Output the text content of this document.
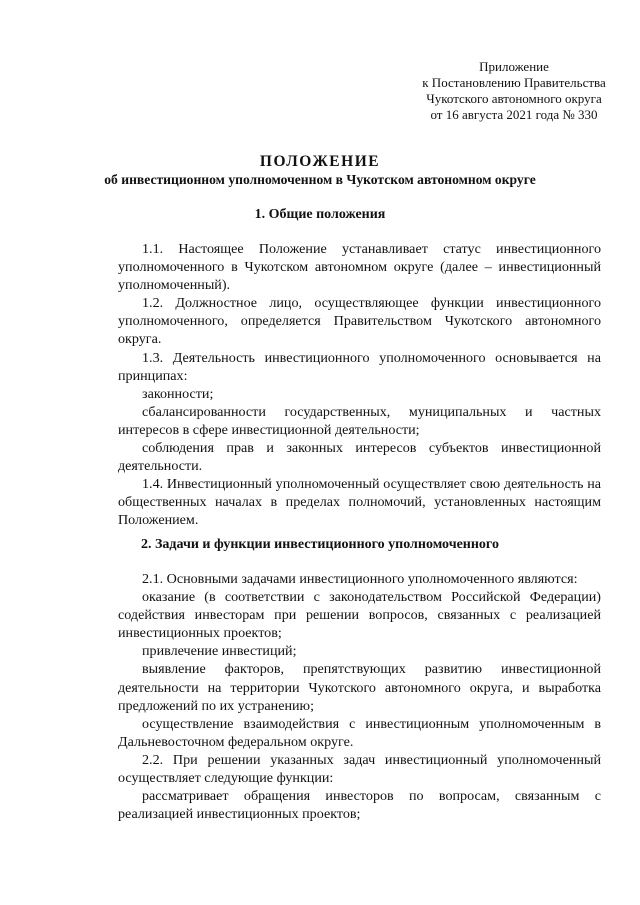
Приложение
к Постановлению Правительства
Чукотского автономного округа
от 16 августа 2021 года № 330
ПОЛОЖЕНИЕ
об инвестиционном уполномоченном в Чукотском автономном округе
1. Общие положения

1.1. Настоящее Положение устанавливает статус инвестиционного уполномоченного в Чукотском автономном округе (далее – инвестиционный уполномоченный).

1.2. Должностное лицо, осуществляющее функции инвестиционного уполномоченного, определяется Правительством Чукотского автономного округа.

1.3. Деятельность инвестиционного уполномоченного основывается на принципах:

законности;

сбалансированности государственных, муниципальных и частных интересов в сфере инвестиционной деятельности;

соблюдения прав и законных интересов субъектов инвестиционной деятельности.

1.4. Инвестиционный уполномоченный осуществляет свою деятельность на общественных началах в пределах полномочий, установленных настоящим Положением.

2. Задачи и функции инвестиционного уполномоченного

2.1. Основными задачами инвестиционного уполномоченного являются:

оказание (в соответствии с законодательством Российской Федерации) содействия инвесторам при решении вопросов, связанных с реализацией инвестиционных проектов;

привлечение инвестиций;

выявление факторов, препятствующих развитию инвестиционной деятельности на территории Чукотского автономного округа, и выработка предложений по их устранению;

осуществление взаимодействия с инвестиционным уполномоченным в Дальневосточном федеральном округе.

2.2. При решении указанных задач инвестиционный уполномоченный осуществляет следующие функции:

рассматривает обращения инвесторов по вопросам, связанным с реализацией инвестиционных проектов;
